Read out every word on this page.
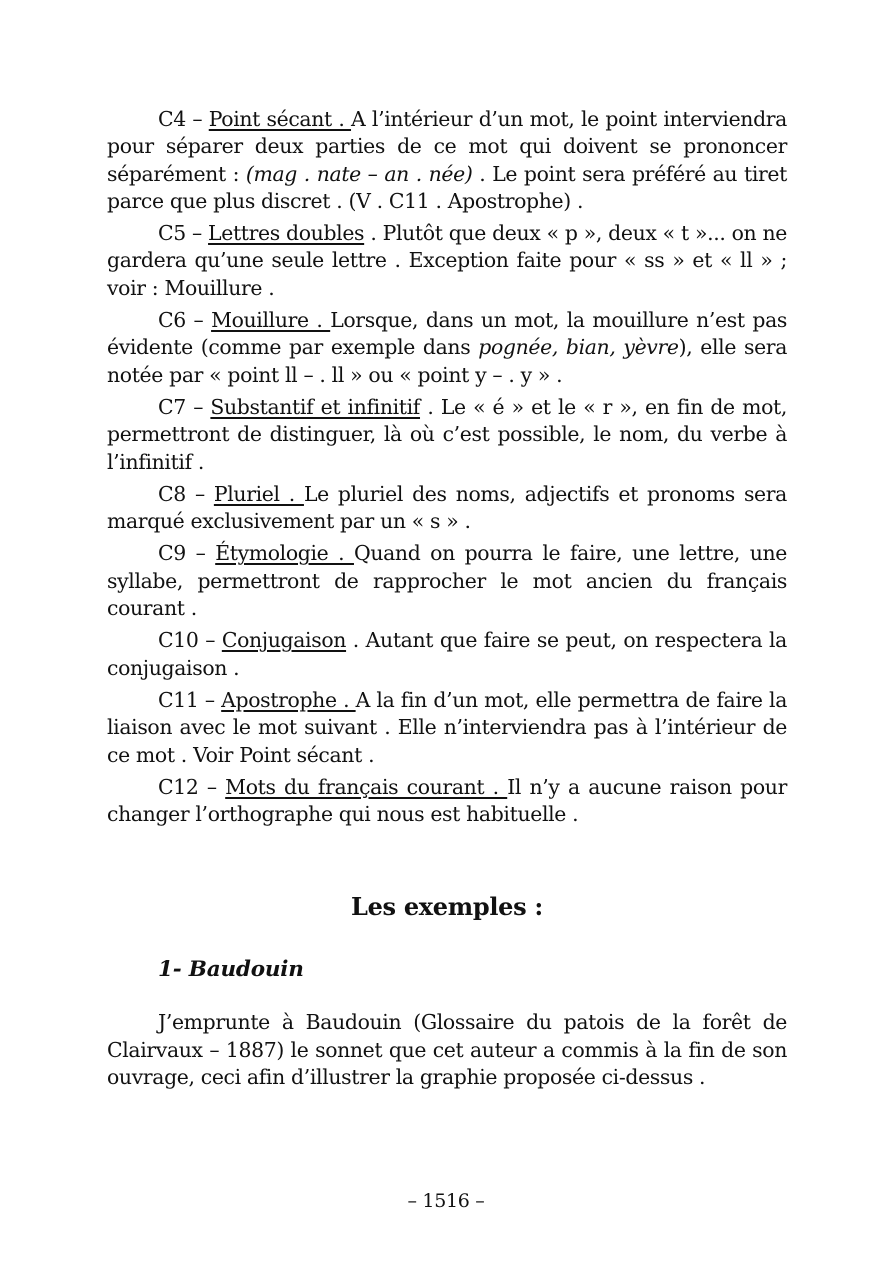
C4 – Point sécant . A l’intérieur d’un mot, le point interviendra pour séparer deux parties de ce mot qui doivent se prononcer séparément : (mag . nate – an . née) . Le point sera préféré au tiret parce que plus discret . (V . C11 . Apostrophe) .

C5 – Lettres doubles . Plutôt que deux « p », deux « t »... on ne gardera qu’une seule lettre . Exception faite pour « ss » et « ll » ; voir : Mouillure .

C6 – Mouillure . Lorsque, dans un mot, la mouillure n’est pas évidente (comme par exemple dans pognée, bian, yèvre), elle sera notée par « point ll – . ll » ou « point y – . y » .

C7 – Substantif et infinitif . Le « é » et le « r », en fin de mot, permettront de distinguer, là où c’est possible, le nom, du verbe à l’infinitif .

C8 – Pluriel . Le pluriel des noms, adjectifs et pronoms sera marqué exclusivement par un « s » .

C9 – Étymologie . Quand on pourra le faire, une lettre, une syllabe, permettront de rapprocher le mot ancien du français courant .

C10 – Conjugaison . Autant que faire se peut, on respectera la conjugaison .

C11 – Apostrophe . A la fin d’un mot, elle permettra de faire la liaison avec le mot suivant . Elle n’interviendra pas à l’intérieur de ce mot . Voir Point sécant .

C12 – Mots du français courant . Il n’y a aucune raison pour changer l’orthographe qui nous est habituelle .

Les exemples :
1- Baudouin

J’emprunte à Baudouin (Glossaire du patois de la forêt de Clairvaux – 1887) le sonnet que cet auteur a commis à la fin de son ouvrage, ceci afin d’illustrer la graphie proposée ci-dessus .

– 1516 –
